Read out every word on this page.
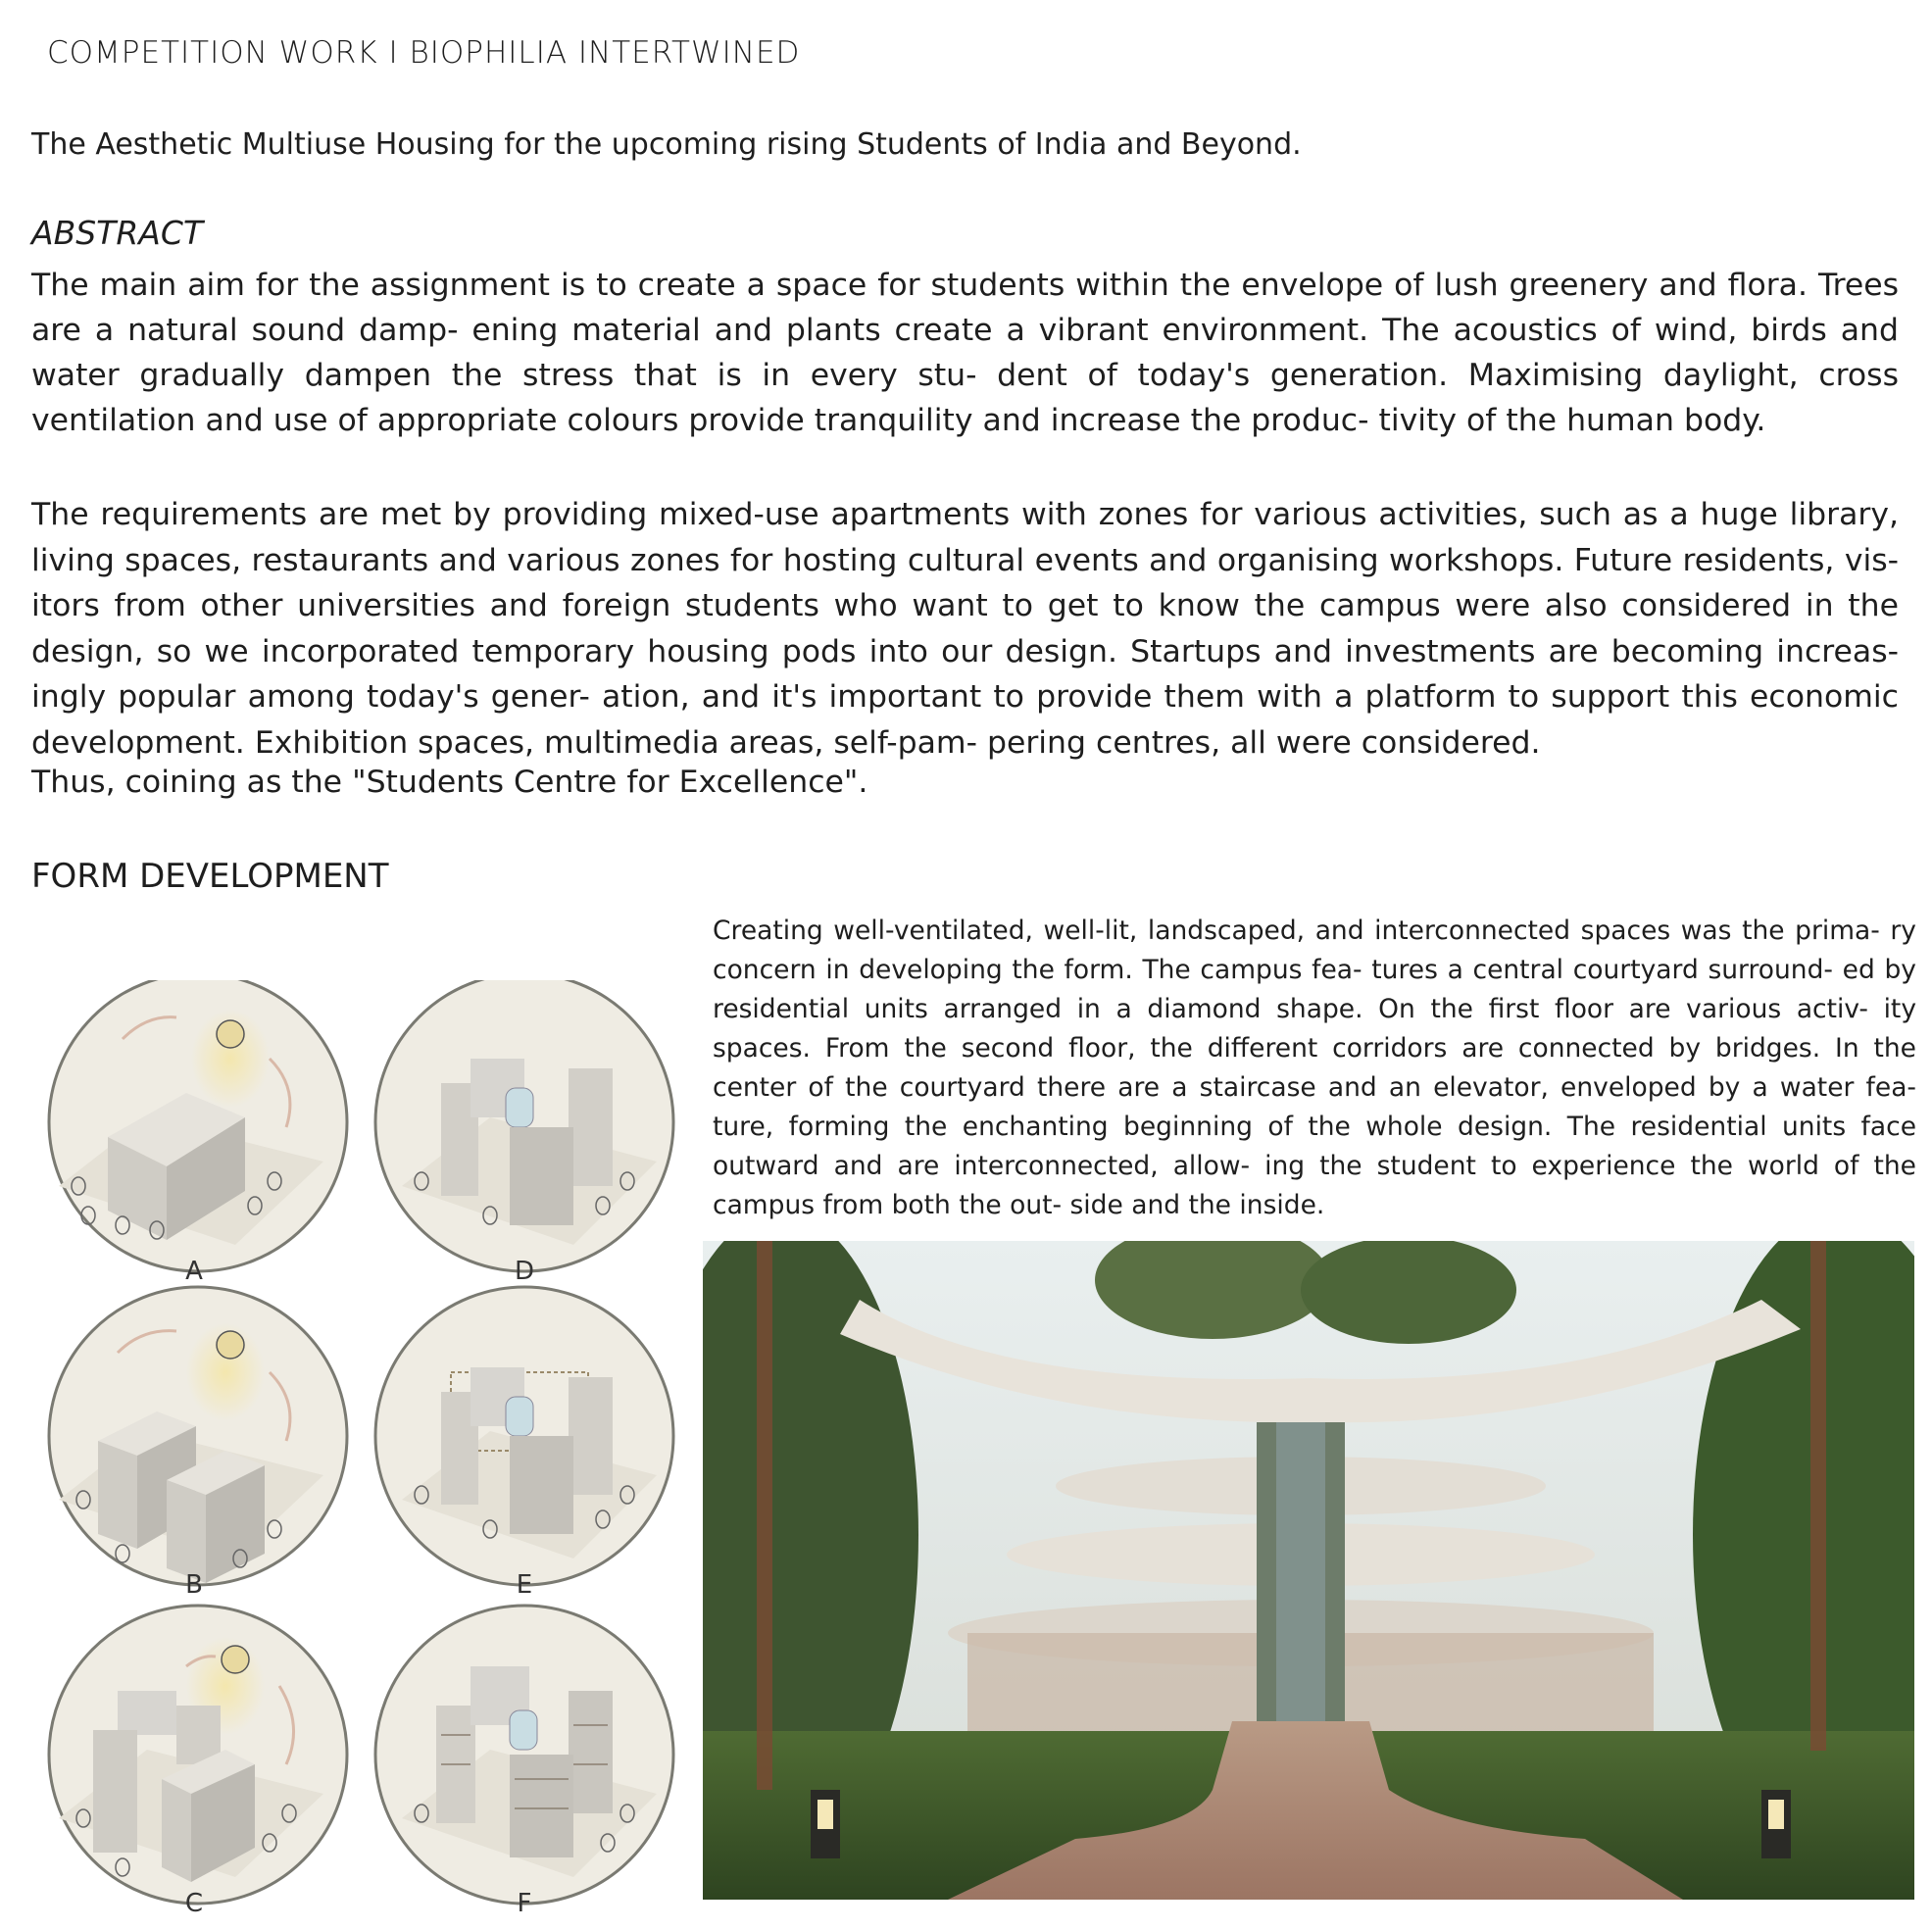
COMPETITION WORK I BIOPHILIA INTERTWINED
The Aesthetic Multiuse Housing for the upcoming rising Students of India and Beyond.
ABSTRACT

The main aim for the assignment is to create a space for students within the envelope of lush greenery and flora. Trees are a natural sound damp- ening material and plants create a vibrant environment. The acoustics of wind, birds and water gradually dampen the stress that is in every stu- dent of today's generation. Maximising daylight, cross ventilation and use of appropriate colours provide tranquility and increase the produc- tivity of the human body.

The requirements are met by providing mixed-use apartments with zones for various activities, such as a huge library, living spaces, restaurants and various zones for hosting cultural events and organising workshops. Future residents, vis- itors from other universities and foreign students who want to get to know the campus were also considered in the design, so we incorporated temporary housing pods into our design. Startups and investments are becoming increas- ingly popular among today's gener- ation, and it's important to provide them with a platform to support this economic development. Exhibition spaces, multimedia areas, self-pam- pering centres, all were considered.

Thus, coining as the "Students Centre for Excellence".
FORM DEVELOPMENT

Creating well-ventilated, well-lit, landscaped, and interconnected spaces was the prima- ry concern in developing the form. The campus fea- tures a central courtyard surround- ed by residential units arranged in a diamond shape. On the first floor are various activ- ity spaces. From the second floor, the different corridors are connected by bridges. In the center of the courtyard there are a staircase and an elevator, enveloped by a water fea- ture, forming the enchanting beginning of the whole design. The residential units face outward and are interconnected, allow- ing the student to experience the world of the campus from both the out- side and the inside.

A	D
B	E
C	F
